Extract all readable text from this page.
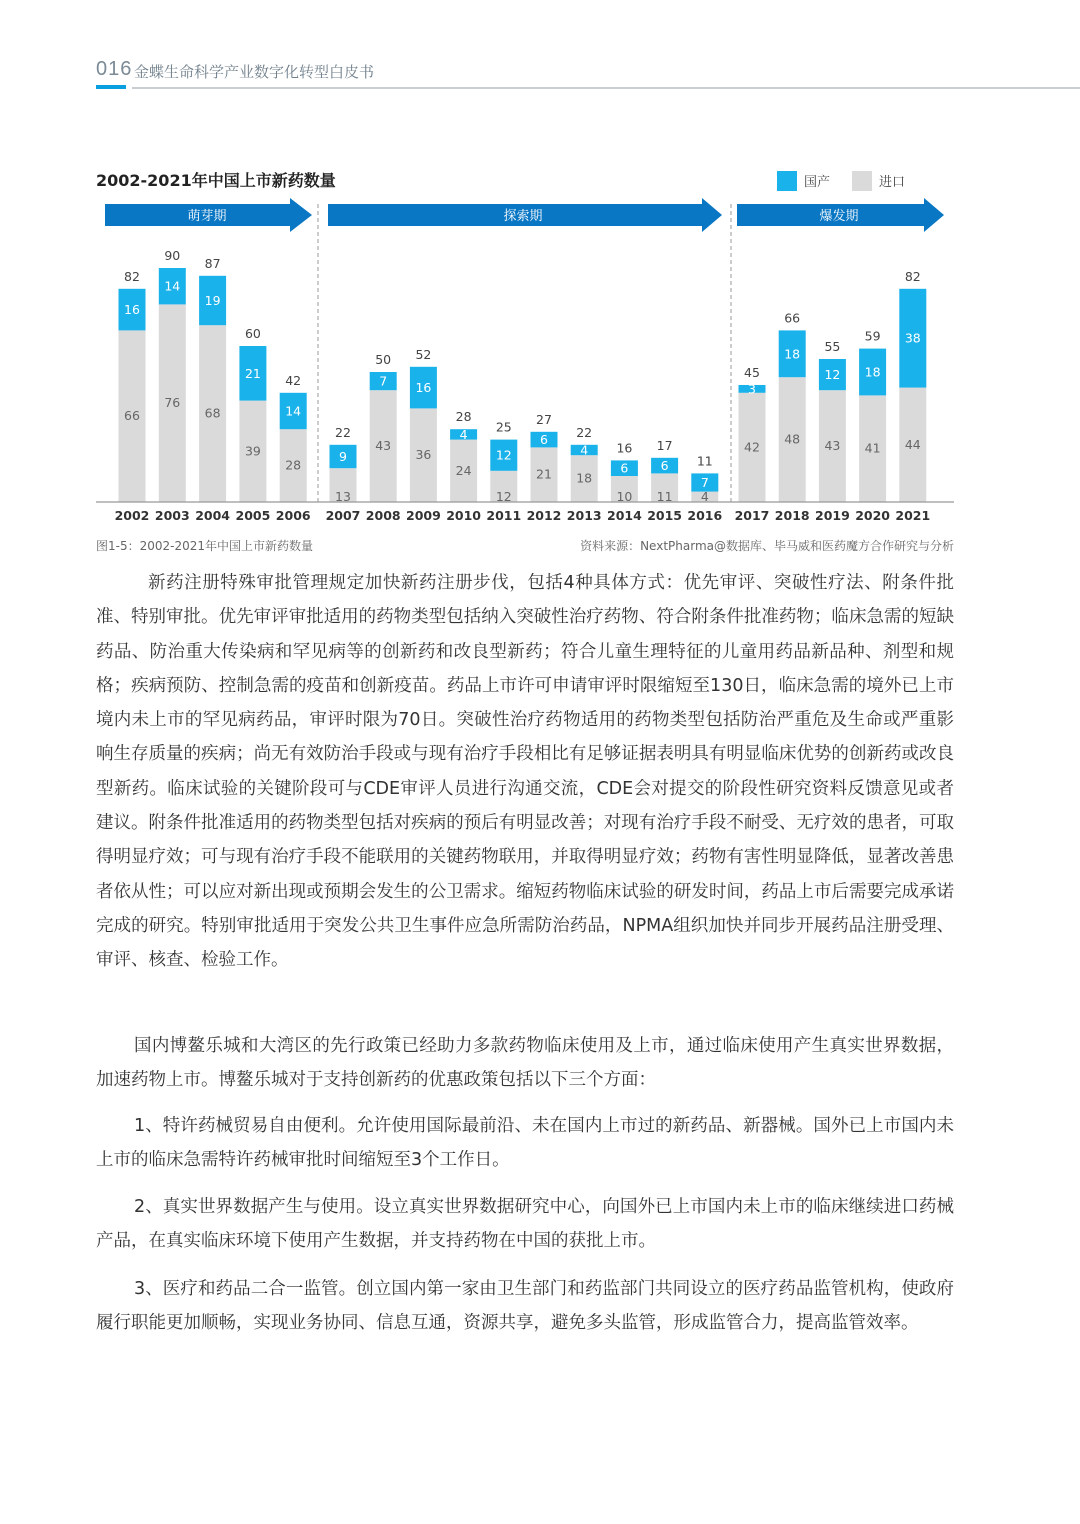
016 金蝶生命科学产业数字化转型白皮书
2002-2021年中国上市新药数量	国产	进口
萌芽期	探索期	爆发期
66
16
82
2002
76
14
90
2003
68
19
87
2004
39
21
60
2005
28
14
42
2006
13
9
22
2007
43
7
50
2008
36
16
52
2009
24
4
28
2010
12
12
25
2011
21
6
27
2012
18
4
22
2013
10
6
16
2014
11
6
17
2015
4
7
11
2016
42
3
45
2017
48
18
66
2018
43
12
55
2019
41
18
59
2020
44
38
82
2021
图1-5：2002-2021年中国上市新药数量	资料来源：NextPharma@数据库、毕马威和医药魔方合作研究与分析

新药注册特殊审批管理规定加快新药注册步伐，包括4种具体方式：优先审评、突破性疗法、附条件批准、特别审批。优先审评审批适用的药物类型包括纳入突破性治疗药物、符合附条件批准药物；临床急需的短缺药品、防治重大传染病和罕见病等的创新药和改良型新药；符合儿童生理特征的儿童用药品新品种、剂型和规格；疾病预防、控制急需的疫苗和创新疫苗。药品上市许可申请审评时限缩短至130日，临床急需的境外已上市境内未上市的罕见病药品，审评时限为70日。突破性治疗药物适用的药物类型包括防治严重危及生命或严重影响生存质量的疾病；尚无有效防治手段或与现有治疗手段相比有足够证据表明具有明显临床优势的创新药或改良型新药。临床试验的关键阶段可与CDE审评人员进行沟通交流，CDE会对提交的阶段性研究资料反馈意见或者建议。附条件批准适用的药物类型包括对疾病的预后有明显改善；对现有治疗手段不耐受、无疗效的患者，可取得明显疗效；可与现有治疗手段不能联用的关键药物联用，并取得明显疗效；药物有害性明显降低，显著改善患者依从性；可以应对新出现或预期会发生的公卫需求。缩短药物临床试验的研发时间，药品上市后需要完成承诺完成的研究。特别审批适用于突发公共卫生事件应急所需防治药品，NPMA组织加快并同步开展药品注册受理、审评、核查、检验工作。

国内博鳌乐城和大湾区的先行政策已经助力多款药物临床使用及上市，通过临床使用产生真实世界数据，加速药物上市。博鳌乐城对于支持创新药的优惠政策包括以下三个方面：

1、特许药械贸易自由便利。允许使用国际最前沿、未在国内上市过的新药品、新器械。国外已上市国内未上市的临床急需特许药械审批时间缩短至3个工作日。

2、真实世界数据产生与使用。设立真实世界数据研究中心，向国外已上市国内未上市的临床继续进口药械产品，在真实临床环境下使用产生数据，并支持药物在中国的获批上市。

3、医疗和药品二合一监管。创立国内第一家由卫生部门和药监部门共同设立的医疗药品监管机构，使政府履行职能更加顺畅，实现业务协同、信息互通，资源共享，避免多头监管，形成监管合力，提高监管效率。
